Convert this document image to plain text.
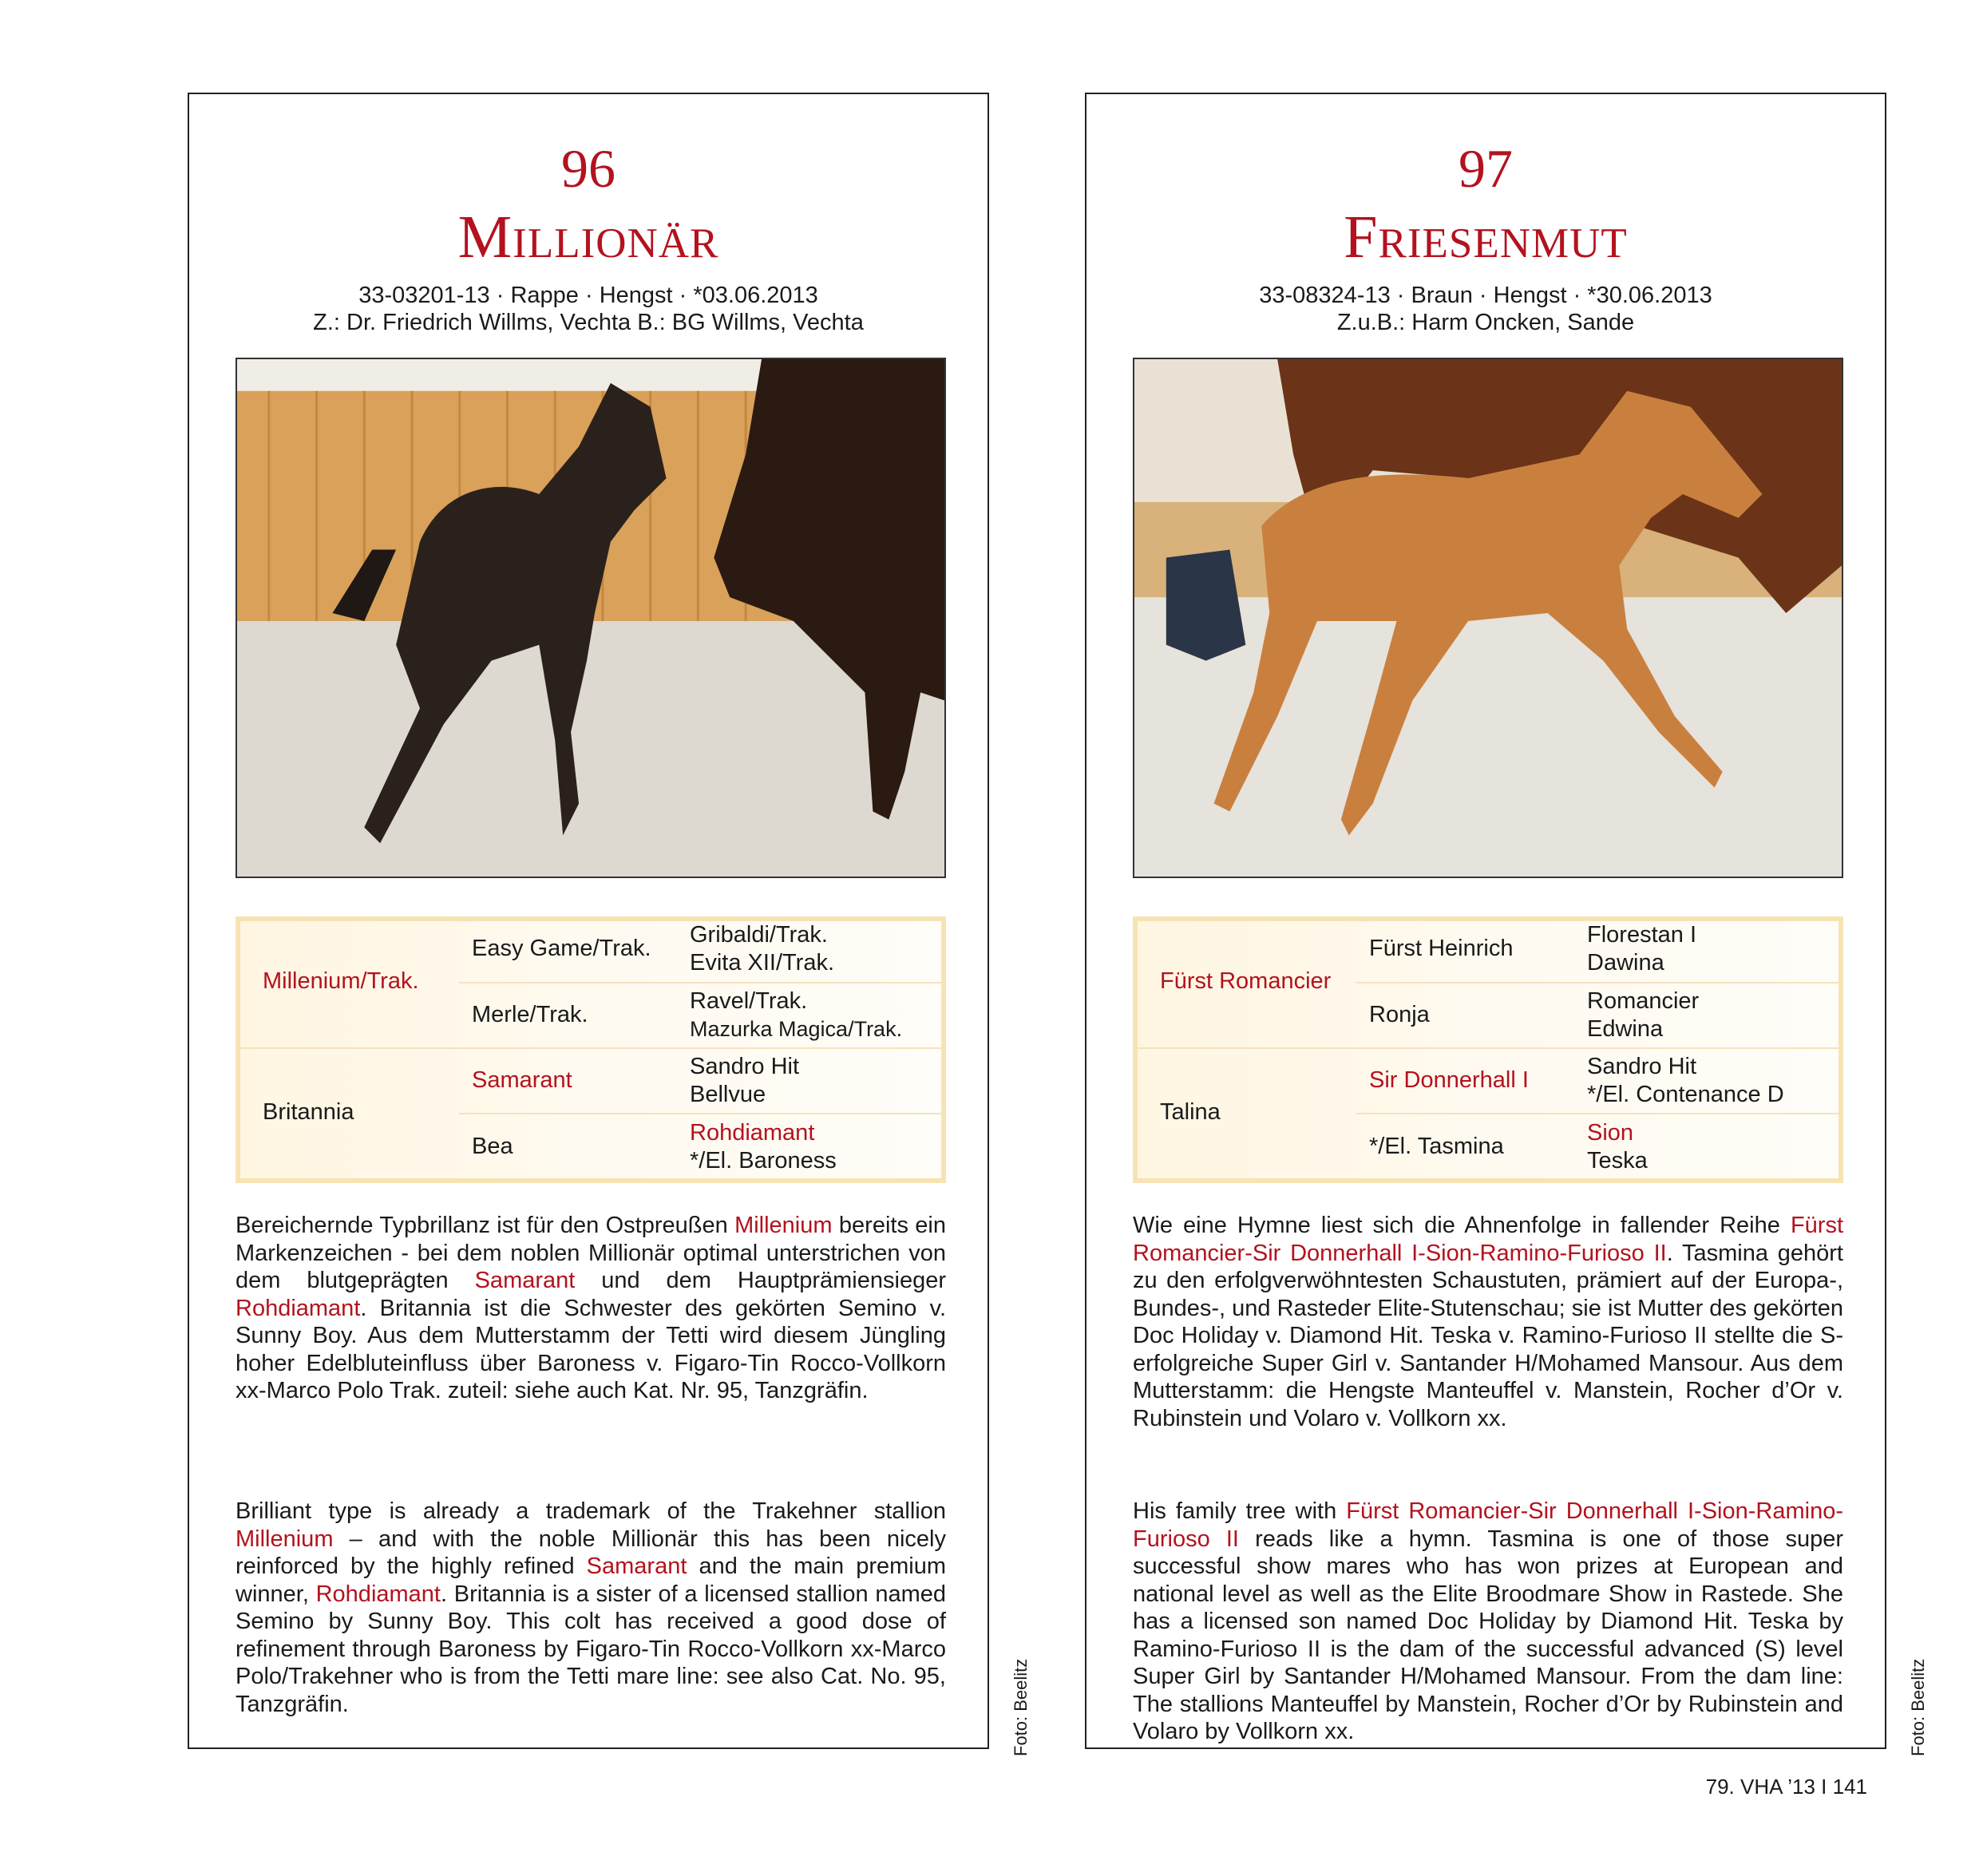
96
Millionär
33-03201-13 · Rappe · Hengst · *03.06.2013
Z.: Dr. Friedrich Willms, Vechta B.: BG Willms, Vechta
Millenium/Trak.
Britannia
Easy Game/Trak.
Merle/Trak.
Samarant
Bea
Gribaldi/Trak.
Evita XII/Trak.
Ravel/Trak.
Mazurka Magica/Trak.
Sandro Hit
Bellvue
Rohdiamant
*/El. Baroness
Bereichernde Typbrillanz ist für den Ostpreußen Millenium bereits ein Markenzeichen - bei dem noblen Millionär optimal unterstrichen von dem blutgeprägten Samarant und dem Hauptprämiensieger Rohdiamant. Britannia ist die Schwester des gekörten Semino v. Sunny Boy. Aus dem Mutterstamm der Tetti wird diesem Jüngling hoher Edelbluteinfluss über Baroness v. Figaro-Tin Rocco-Vollkorn xx-Marco Polo Trak. zuteil: siehe auch Kat. Nr. 95, Tanzgräfin.
Brilliant type is already a trademark of the Trakehner stallion Millenium – and with the noble Millionär this has been nicely reinforced by the highly refined Samarant and the main premium winner, Rohdiamant. Britannia is a sister of a licensed stallion named Semino by Sunny Boy. This colt has received a good dose of refinement through Baroness by Figaro-Tin Rocco-Vollkorn xx-Marco Polo/Trakehner who is from the Tetti mare line: see also Cat. No. 95, Tanzgräfin.	Foto: Beelitz
97
Friesenmut
33-08324-13 · Braun · Hengst · *30.06.2013
Z.u.B.: Harm Oncken, Sande
Fürst Romancier
Talina
Fürst Heinrich
Ronja
Sir Donnerhall I
*/El. Tasmina
Florestan I
Dawina
Romancier
Edwina
Sandro Hit
*/El. Contenance D
Sion
Teska
Wie eine Hymne liest sich die Ahnenfolge in fallender Reihe Fürst Romancier-Sir Donnerhall I-Sion-Ramino-Furioso II. Tasmina gehört zu den erfolgverwöhntesten Schaustuten, prämiert auf der Europa-, Bundes-, und Rasteder Elite-Stutenschau; sie ist Mutter des gekörten Doc Holiday v. Diamond Hit. Teska v. Ramino-Furioso II stellte die S-erfolgreiche Super Girl v. Santander H/Mohamed Mansour. Aus dem Mutterstamm: die Hengste Manteuffel v. Manstein, Rocher d’Or v. Rubinstein und Volaro v. Vollkorn xx.
His family tree with Fürst Romancier-Sir Donnerhall I-Sion-Ramino-Furioso II reads like a hymn. Tasmina is one of those super successful show mares who has won prizes at European and national level as well as the Elite Broodmare Show in Rastede. She has a licensed son named Doc Holiday by Diamond Hit. Teska by Ramino-Furioso II is the dam of the successful advanced (S) level Super Girl by Santander H/Mohamed Mansour. From the dam line: The stallions Manteuffel by Manstein, Rocher d’Or by Rubinstein and Volaro by Vollkorn xx.	Foto: Beelitz
79. VHA ’13 I 141
